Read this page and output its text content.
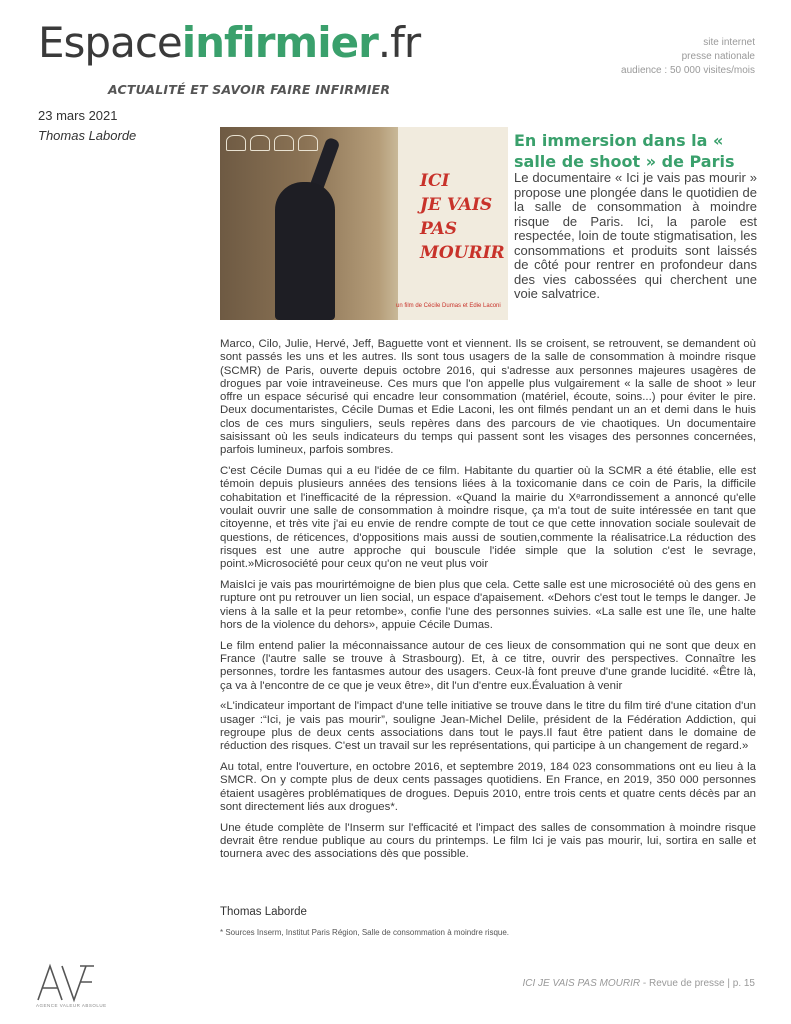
Espaceinfirmier.fr
ACTUALITÉ ET SAVOIR FAIRE INFIRMIER
site internet
presse nationale
audience : 50 000 visites/mois
23 mars 2021
Thomas Laborde
ICI
JE VAIS
PAS
MOURIR
un film de Cécile Dumas et Edie Laconi
En immersion dans la « salle de shoot » de Paris
Le documentaire « Ici je vais pas mourir » propose une plongée dans le quotidien de la salle de consommation à moindre risque de Paris. Ici, la parole est respectée, loin de toute stigmatisation, les consommations et produits sont laissés de côté pour rentrer en profondeur dans des vies cabossées qui cherchent une voie salvatrice.

Marco, Cilo, Julie, Hervé, Jeff, Baguette vont et viennent. Ils se croisent, se retrouvent, se demandent où sont passés les uns et les autres. Ils sont tous usagers de la salle de consommation à moindre risque (SCMR) de Paris, ouverte depuis octobre 2016, qui s'adresse aux personnes majeures usagères de drogues par voie intraveineuse. Ces murs que l'on appelle plus vulgairement « la salle de shoot » leur offre un espace sécurisé qui encadre leur consommation (matériel, écoute, soins...) pour éviter le pire. Deux documentaristes, Cécile Dumas et Edie Laconi, les ont filmés pendant un an et demi dans le huis clos de ces murs singuliers, seuls repères dans des parcours de vie chaotiques. Un documentaire saisissant où les seuls indicateurs du temps qui passent sont les visages des personnes concernées, parfois lumineux, parfois sombres.

C'est Cécile Dumas qui a eu l'idée de ce film. Habitante du quartier où la SCMR a été établie, elle est témoin depuis plusieurs années des tensions liées à la toxicomanie dans ce coin de Paris, la difficile cohabitation et l'inefficacité de la répression. «Quand la mairie du Xᵉarrondissement a annoncé qu'elle voulait ouvrir une salle de consommation à moindre risque, ça m'a tout de suite intéressée en tant que citoyenne, et très vite j'ai eu envie de rendre compte de tout ce que cette innovation sociale soulevait de questions, de réticences, d'oppositions mais aussi de soutien,commente la réalisatrice.La réduction des risques est une autre approche qui bouscule l'idée simple que la solution c'est le sevrage, point.»Microsociété pour ceux qu'on ne veut plus voir

MaisIci je vais pas mourirtémoigne de bien plus que cela. Cette salle est une microsociété où des gens en rupture ont pu retrouver un lien social, un espace d'apaisement. «Dehors c'est tout le temps le danger. Je viens à la salle et la peur retombe», confie l'une des personnes suivies. «La salle est une île, une halte hors de la violence du dehors», appuie Cécile Dumas.

Le film entend palier la méconnaissance autour de ces lieux de consommation qui ne sont que deux en France (l'autre salle se trouve à Strasbourg). Et, à ce titre, ouvrir des perspectives. Connaître les personnes, tordre les fantasmes autour des usagers. Ceux-là font preuve d'une grande lucidité. «Être là, ça va à l'encontre de ce que je veux être», dit l'un d'entre eux.Évaluation à venir

«L'indicateur important de l'impact d'une telle initiative se trouve dans le titre du film tiré d'une citation d'un usager :“Ici, je vais pas mourir”, souligne Jean-Michel Delile, président de la Fédération Addiction, qui regroupe plus de deux cents associations dans tout le pays.Il faut être patient dans le domaine de réduction des risques. C'est un travail sur les représentations, qui participe à un changement de regard.»

Au total, entre l'ouverture, en octobre 2016, et septembre 2019, 184 023 consommations ont eu lieu à la SMCR. On y compte plus de deux cents passages quotidiens. En France, en 2019, 350 000 personnes étaient usagères problématiques de drogues. Depuis 2010, entre trois cents et quatre cents décès par an sont directement liés aux drogues*.

Une étude complète de l'Inserm sur l'efficacité et l'impact des salles de consommation à moindre risque devrait être rendue publique au cours du printemps. Le film Ici je vais pas mourir, lui, sortira en salle et tournera avec des associations dès que possible.

Thomas Laborde
* Sources Inserm, Institut Paris Région, Salle de consommation à moindre risque.
AGENCE VALEUR ABSOLUE
ICI JE VAIS PAS MOURIR - Revue de presse | p. 15
